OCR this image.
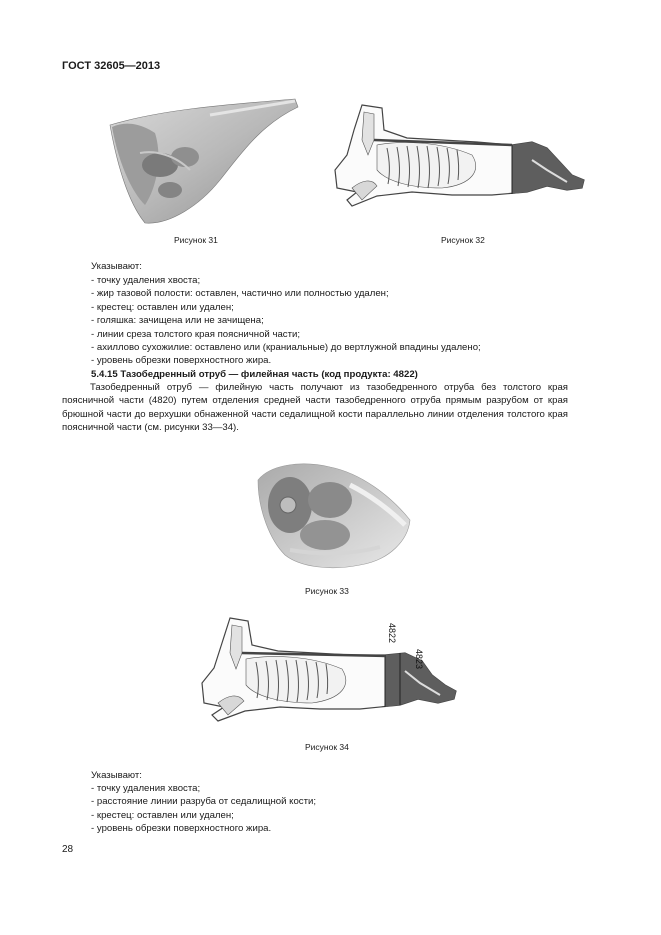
ГОСТ 32605—2013
Рисунок 31	Рисунок 32
Указывают:
- точку удаления хвоста;
- жир тазовой полости: оставлен, частично или полностью удален;
- крестец: оставлен или удален;
- голяшка: зачищена или не зачищена;
- линии среза толстого края поясничной части;
- ахиллово сухожилие: оставлено или (краниальные) до вертлужной впадины удалено;
- уровень обрезки поверхностного жира.
5.4.15 Тазобедренный отруб — филейная часть (код продукта: 4822)
Тазобедренный отруб — филейную часть получают из тазобедренного отруба без толстого края поясничной части (4820) путем отделения средней части тазобедренного отруба прямым разрубом от края брюшной части до верхушки обнаженной части седалищной кости параллельно линии отделения толстого края поясничной части (см. рисунки 33—34).
Рисунок 33
4822
4823
Рисунок 34
Указывают:
- точку удаления хвоста;
- расстояние линии разруба от седалищной кости;
- крестец: оставлен или удален;
- уровень обрезки поверхностного жира.
28
